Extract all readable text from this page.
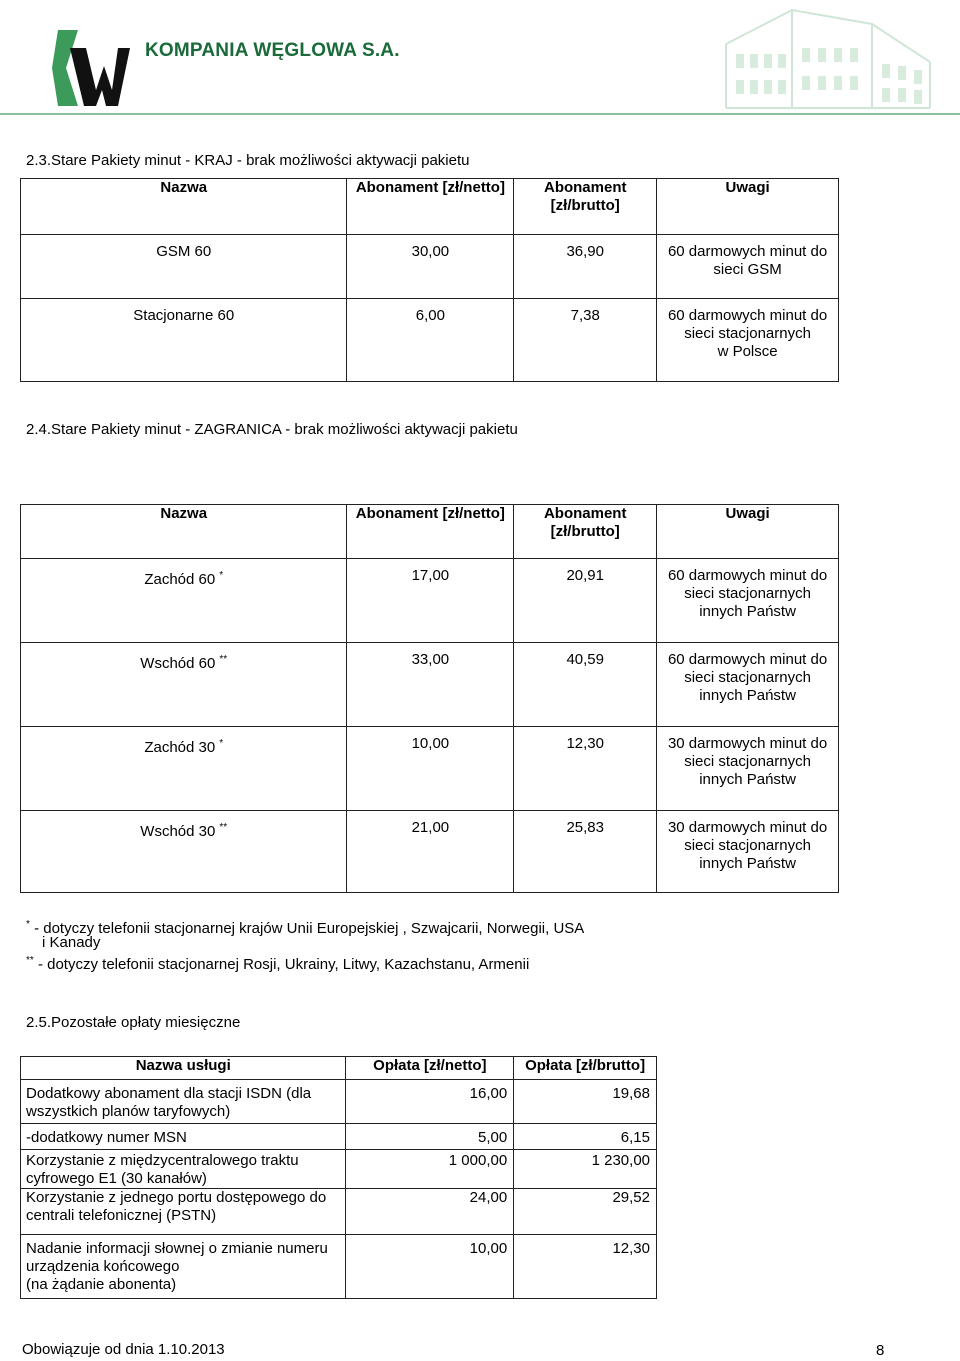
KOMPANIA WĘGLOWA S.A.
2.3.Stare Pakiety minut - KRAJ - brak możliwości aktywacji pakietu
Nazwa	Abonament [zł/netto]	Abonament
[zł/brutto]	Uwagi
GSM 60	30,00	36,90	60 darmowych minut do
sieci GSM
Stacjonarne 60	6,00	7,38	60 darmowych minut do
sieci stacjonarnych
w Polsce
2.4.Stare Pakiety minut - ZAGRANICA - brak możliwości aktywacji pakietu
Nazwa	Abonament [zł/netto]	Abonament
[zł/brutto]	Uwagi
Zachód 60 *	17,00	20,91	60 darmowych minut do
sieci stacjonarnych
innych Państw
Wschód 60 **	33,00	40,59	60 darmowych minut do
sieci stacjonarnych
innych Państw
Zachód 30 *	10,00	12,30	30 darmowych minut do
sieci stacjonarnych
innych Państw
Wschód 30 **	21,00	25,83	30 darmowych minut do
sieci stacjonarnych
innych Państw
* - dotyczy telefonii stacjonarnej krajów Unii Europejskiej , Szwajcarii, Norwegii, USA
i Kanady
** - dotyczy telefonii stacjonarnej Rosji, Ukrainy, Litwy, Kazachstanu, Armenii
2.5.Pozostałe opłaty miesięczne
Nazwa usługi	Opłata [zł/netto]	Opłata [zł/brutto]
Dodatkowy abonament dla stacji ISDN (dla
wszystkich planów taryfowych)	16,00	19,68
-dodatkowy numer MSN	5,00	6,15
Korzystanie z międzycentralowego traktu
cyfrowego E1 (30 kanałów)	1 000,00	1 230,00
Korzystanie z jednego portu dostępowego do
centrali telefonicznej (PSTN)	24,00	29,52
Nadanie informacji słownej o zmianie numeru
urządzenia końcowego
(na żądanie abonenta)	10,00	12,30
Obowiązuje od dnia 1.10.2013	8
